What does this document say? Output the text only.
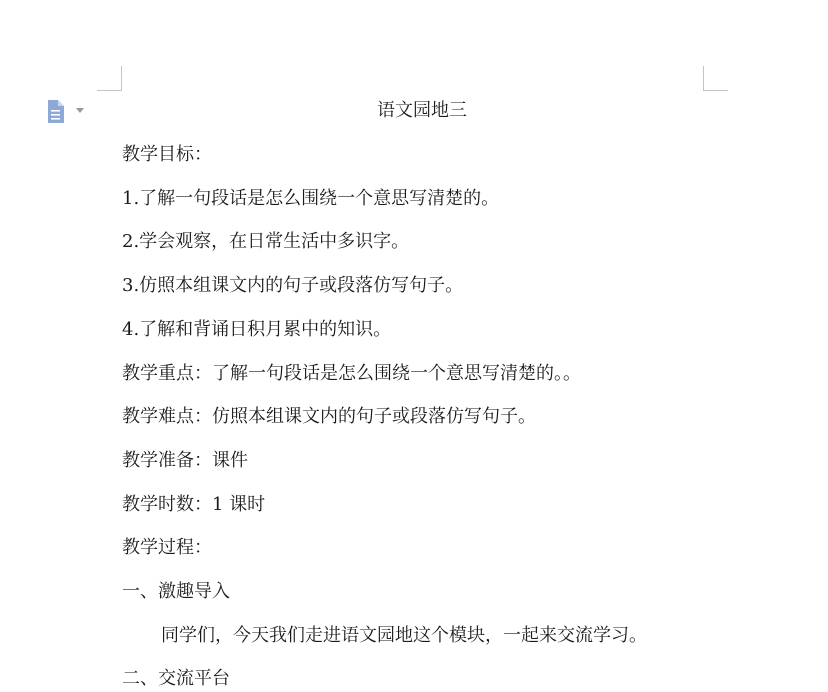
语文园地三
教学目标：
1.了解一句段话是怎么围绕一个意思写清楚的。
2.学会观察，在日常生活中多识字。
3.仿照本组课文内的句子或段落仿写句子。
4.了解和背诵日积月累中的知识。
教学重点：了解一句段话是怎么围绕一个意思写清楚的。。
教学难点：仿照本组课文内的句子或段落仿写句子。
教学准备：课件
教学时数：1 课时
教学过程：
一、激趣导入
同学们，今天我们走进语文园地这个模块，一起来交流学习。
二、交流平台
